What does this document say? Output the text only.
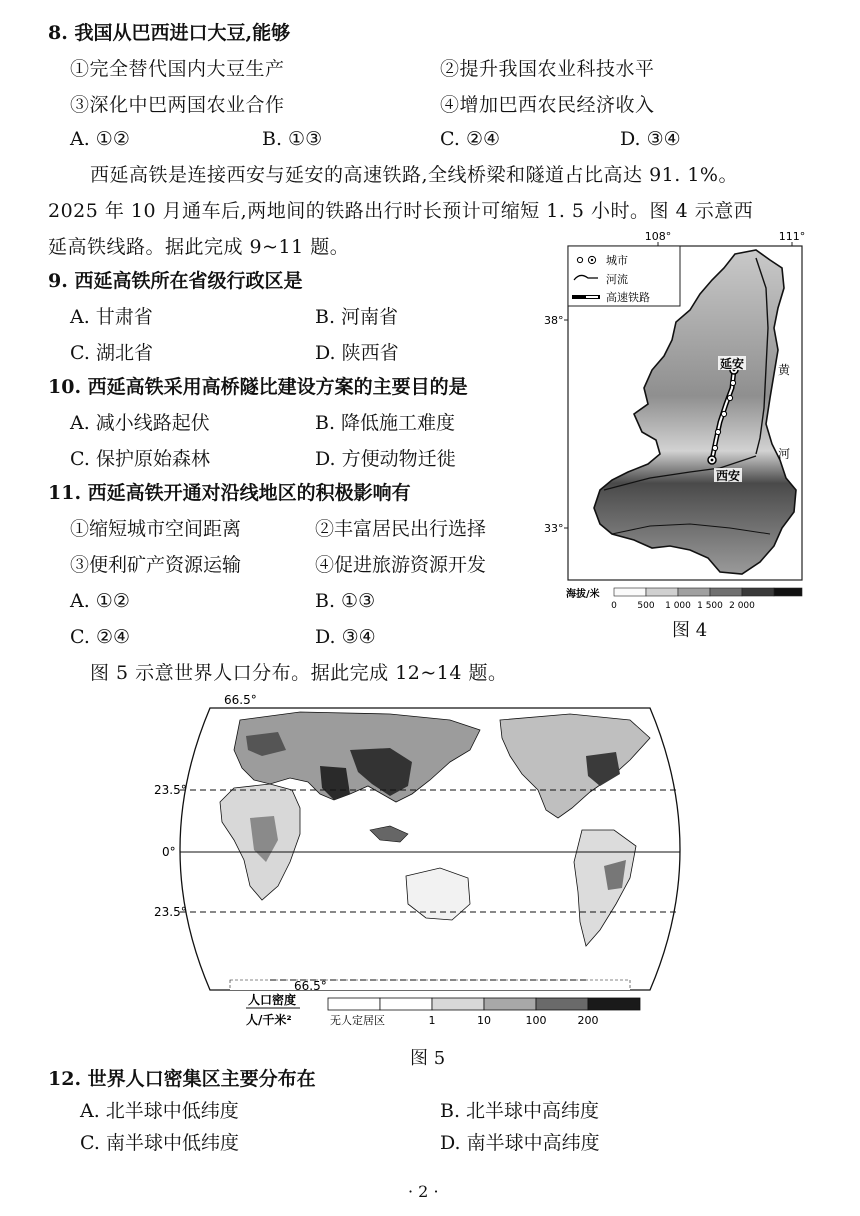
8. 我国从巴西进口大豆,能够
①完全替代国内大豆生产	②提升我国农业科技水平
③深化中巴两国农业合作	④增加巴西农民经济收入
A. ①②	B. ①③	C. ②④	D. ③④
西延高铁是连接西安与延安的高速铁路,全线桥梁和隧道占比高达 91. 1%。
2025 年 10 月通车后,两地间的铁路出行时长预计可缩短 1. 5 小时。图 4 示意西
延高铁线路。据此完成 9~11 题。
9. 西延高铁所在省级行政区是
A. 甘肃省	B. 河南省
C. 湖北省	D. 陕西省
10. 西延高铁采用高桥隧比建设方案的主要目的是
A. 减小线路起伏	B. 降低施工难度
C. 保护原始森林	D. 方便动物迁徙
11. 西延高铁开通对沿线地区的积极影响有
①缩短城市空间距离	②丰富居民出行选择
③便利矿产资源运输	④促进旅游资源开发
A. ①②	B. ①③
C. ②④	D. ③④
108°	111°
38°
33°
延安
西安
黄
河
城市
河流
高速铁路
海拔/米
0 500 1 000 1 500 2 000
图 4
图 5 示意世界人口分布。据此完成 12~14 题。
66.5°
23.5°
0°
23.5°
66.5°
人口密度
人/千米²	无人定居区	1	10	100	200
图 5
12. 世界人口密集区主要分布在
A. 北半球中低纬度	B. 北半球中高纬度
C. 南半球中低纬度	D. 南半球中高纬度
· 2 ·
